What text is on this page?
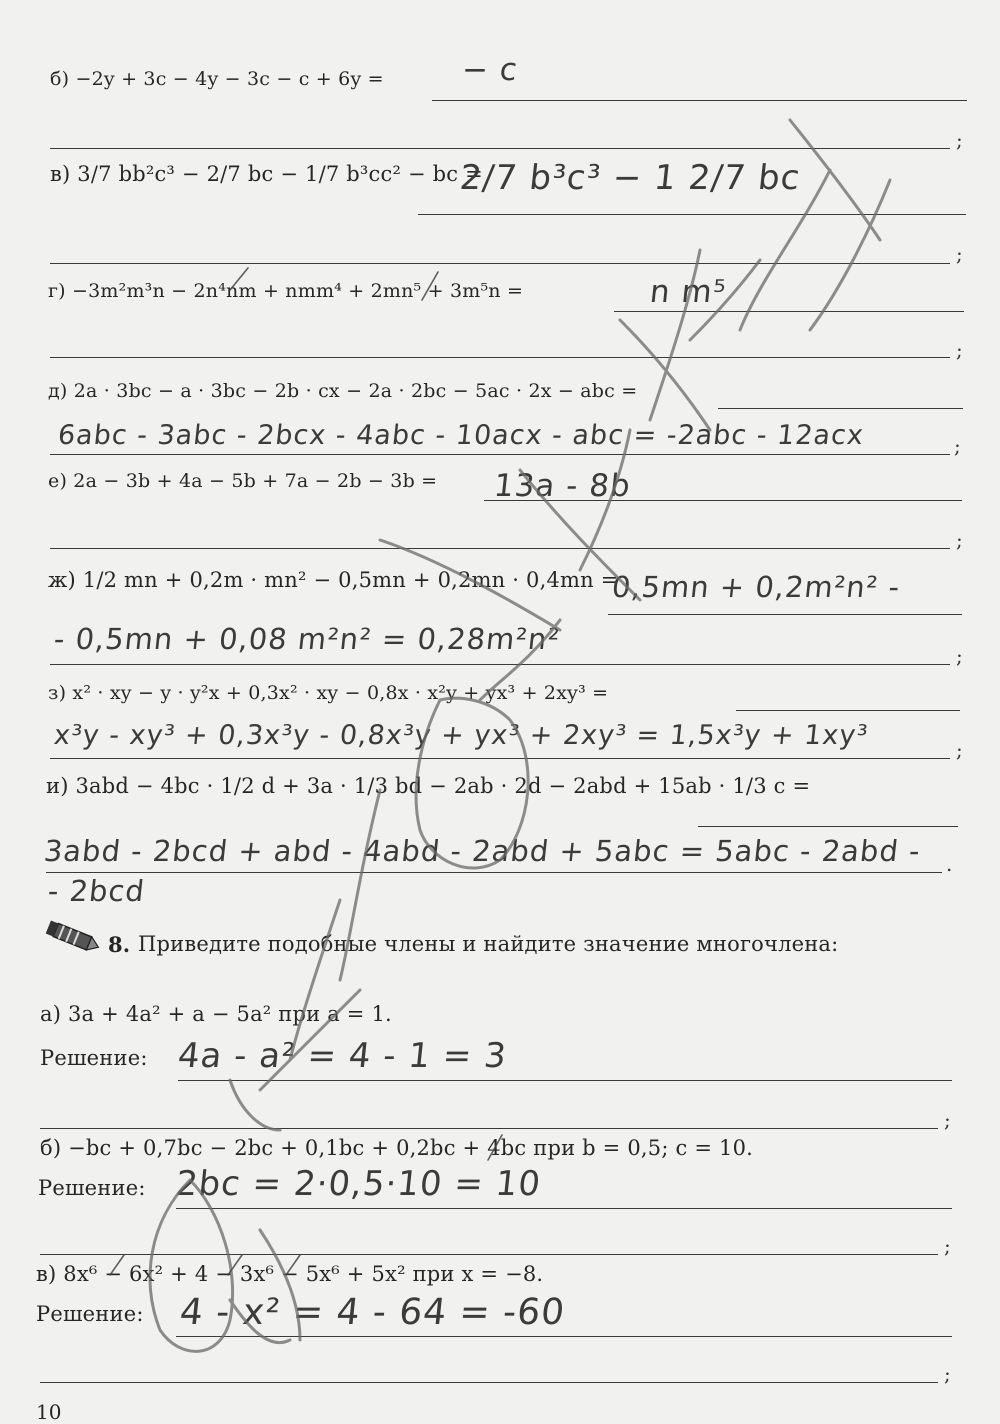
б) −2y + 3c − 4y − 3c − c + 6y = − c
;
в) 3/7 bb²c³ − 2/7 bc − 1/7 b³cc² − bc =
2/7 b³c³ − 1 2/7 bc
;
г) −3m²m³n − 2n⁴nm + nmm⁴ + 2mn⁵ + 3m⁵n =	n m⁵
;
д) 2a · 3bc − a · 3bc − 2b · cx − 2a · 2bc − 5ac · 2x − abc =
6abc - 3abc - 2bcx - 4abc - 10acx - abc = -2abc - 12acx	;
е) 2a − 3b + 4a − 5b + 7a − 2b − 3b = 13a - 8b
;
ж) 1/2 mn + 0,2m · mn² − 0,5mn + 0,2mn · 0,4mn =
0,5mn + 0,2m²n² -
- 0,5mn + 0,08 m²n² = 0,28m²n²	;
з) x² · xy − y · y²x + 0,3x² · xy − 0,8x · x²y + yx³ + 2xy³ =
x³y - xy³ + 0,3x³y - 0,8x³y + yx³ + 2xy³ = 1,5x³y + 1xy³	;
и) 3abd − 4bc · 1/2 d + 3a · 1/3 bd − 2ab · 2d − 2abd + 15ab · 1/3 c =
3abd - 2bcd + abd - 4abd - 2abd + 5abc = 5abc - 2abd - .
- 2bcd
8. Приведите подобные члены и найдите значение многочлена:
а) 3a + 4a² + a − 5a² при a = 1.
Решение: 4a - a² = 4 - 1 = 3
;
б) −bc + 0,7bc − 2bc + 0,1bc + 0,2bc + 4bc при b = 0,5; c = 10.
Решение: 2bc = 2·0,5·10 = 10
;
в) 8x⁶ − 6x² + 4 − 3x⁶ − 5x⁶ + 5x² при x = −8.
Решение: 4 - x² = 4 - 64 = -60
;
10
